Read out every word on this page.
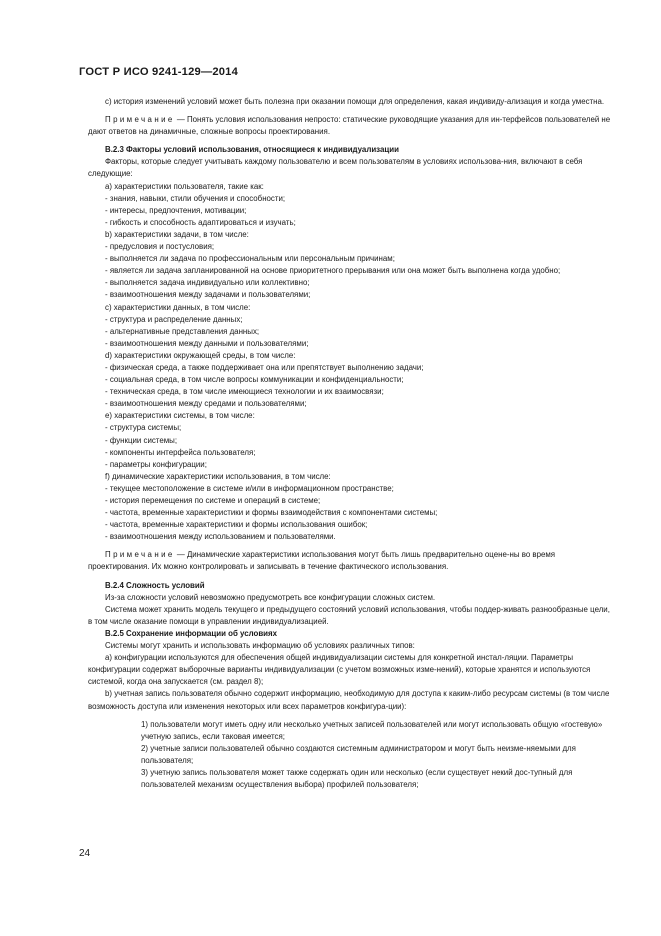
ГОСТ Р ИСО 9241-129—2014

c) история изменений условий может быть полезна при оказании помощи для определения, какая индивиду-ализация и когда уместна.

Примечание — Понять условия использования непросто: статические руководящие указания для ин-терфейсов пользователей не дают ответов на динамичные, сложные вопросы проектирования.

В.2.3 Факторы условий использования, относящиеся к индивидуализации

Факторы, которые следует учитывать каждому пользователю и всем пользователям в условиях использова-ния, включают в себя следующие:

a) характеристики пользователя, такие как:

- знания, навыки, стили обучения и способности;

- интересы, предпочтения, мотивации;

- гибкость и способность адаптироваться и изучать;

b) характеристики задачи, в том числе:

- предусловия и постусловия;

- выполняется ли задача по профессиональным или персональным причинам;

- является ли задача запланированной на основе приоритетного прерывания или она может быть выполнена когда удобно;

- выполняется задача индивидуально или коллективно;

- взаимоотношения между задачами и пользователями;

c) характеристики данных, в том числе:

- структура и распределение данных;

- альтернативные представления данных;

- взаимоотношения между данными и пользователями;

d) характеристики окружающей среды, в том числе:

- физическая среда, а также поддерживает она или препятствует выполнению задачи;

- социальная среда, в том числе вопросы коммуникации и конфиденциальности;

- техническая среда, в том числе имеющиеся технологии и их взаимосвязи;

- взаимоотношения между средами и пользователями;

e) характеристики системы, в том числе:

- структура системы;

- функции системы;

- компоненты интерфейса пользователя;

- параметры конфигурации;

f) динамические характеристики использования, в том числе:

- текущее местоположение в системе и/или в информационном пространстве;

- история перемещения по системе и операций в системе;

- частота, временные характеристики и формы взаимодействия с компонентами системы;

- частота, временные характеристики и формы использования ошибок;

- взаимоотношения между использованием и пользователями.

Примечание — Динамические характеристики использования могут быть лишь предварительно оцене-ны во время проектирования. Их можно контролировать и записывать в течение фактического использования.

В.2.4 Сложность условий

Из-за сложности условий невозможно предусмотреть все конфигурации сложных систем.

Система может хранить модель текущего и предыдущего состояний условий использования, чтобы поддер-живать разнообразные цели, в том числе оказание помощи в управлении индивидуализацией.

В.2.5 Сохранение информации об условиях

Системы могут хранить и использовать информацию об условиях различных типов:

a) конфигурации используются для обеспечения общей индивидуализации системы для конкретной инстал-ляции. Параметры конфигурации содержат выборочные варианты индивидуализации (с учетом возможных изме-нений), которые хранятся и используются системой, когда она запускается (см. раздел 8);

b) учетная запись пользователя обычно содержит информацию, необходимую для доступа к каким-либо ресурсам системы (в том числе возможность доступа или изменения некоторых или всех параметров конфигура-ции):

1) пользователи могут иметь одну или несколько учетных записей пользователей или могут использовать общую «гостевую» учетную запись, если таковая имеется;

2) учетные записи пользователей обычно создаются системным администратором и могут быть неизме-няемыми для пользователя;

3) учетную запись пользователя может также содержать один или несколько (если существует некий дос-тупный для пользователей механизм осуществления выбора) профилей пользователя;

24
